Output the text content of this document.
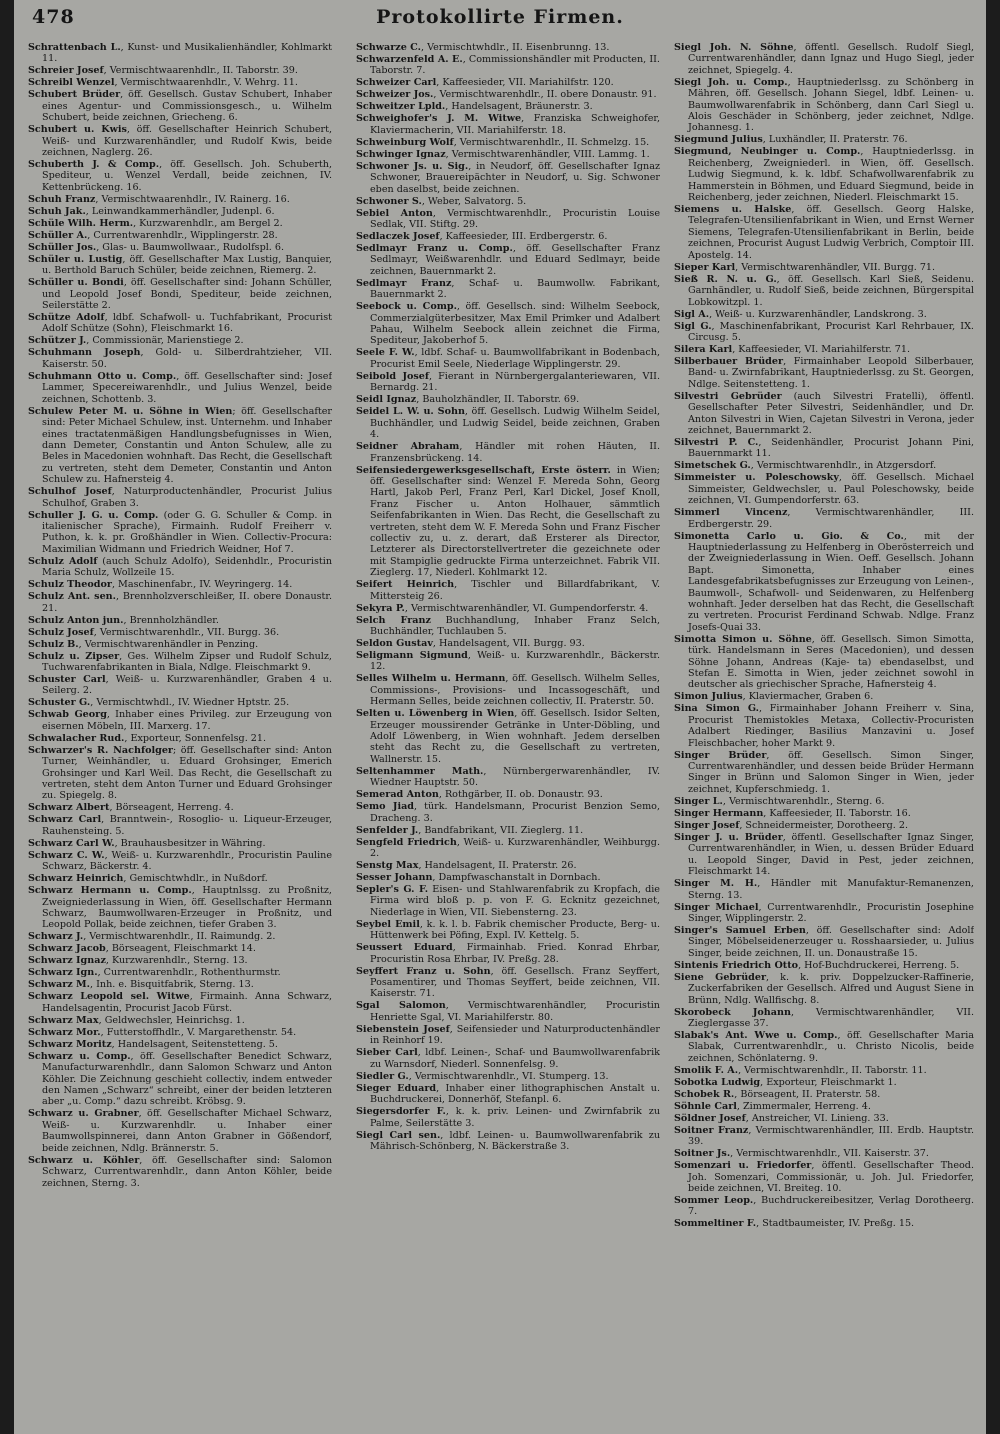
478	Protokollirte Firmen.

Schrattenbach L., Kunst- und Musikalienhändler, Kohlmarkt 11.

Schreier Josef, Vermischtwaarenhdlr., II. Taborstr. 39.

Schreibl Wenzel, Vermischtwaarenhdlr., V. Wehrg. 11.

Schubert Brüder, öff. Gesellsch. Gustav Schubert, Inhaber eines Agentur- und Commissionsgesch., u. Wilhelm Schubert, beide zeichnen, Griecheng. 6.

Schubert u. Kwis, öff. Gesellschafter Heinrich Schubert, Weiß- und Kurzwarenhändler, und Rudolf Kwis, beide zeichnen, Naglerg. 26.

Schuberth J. & Comp., öff. Gesellsch. Joh. Schuberth, Spediteur, u. Wenzel Verdall, beide zeichnen, IV. Kettenbrückeng. 16.

Schuh Franz, Vermischtwaarenhdlr., IV. Rainerg. 16.

Schuh Jak., Leinwandkammerhändler, Judenpl. 6.

Schüle Wilh. Herm., Kurzwarenhdlr., am Bergel 2.

Schüller A., Currentwarenhdlr., Wipplingerstr. 28.

Schüller Jos., Glas- u. Baumwollwaar., Rudolfspl. 6.

Schüler u. Lustig, öff. Gesellschafter Max Lustig, Banquier, u. Berthold Baruch Schüler, beide zeichnen, Riemerg. 2.

Schüller u. Bondi, öff. Gesellschafter sind: Johann Schüller, und Leopold Josef Bondi, Spediteur, beide zeichnen, Seilerstätte 2.

Schütze Adolf, ldbf. Schafwoll- u. Tuchfabrikant, Procurist Adolf Schütze (Sohn), Fleischmarkt 16.

Schützer J., Commissionär, Marienstiege 2.

Schuhmann Joseph, Gold- u. Silberdrahtzieher, VII. Kaiserstr. 50.

Schuhmann Otto u. Comp., öff. Gesellschafter sind: Josef Lammer, Specereiwarenhdlr., und Julius Wenzel, beide zeichnen, Schottenb. 3.

Schulew Peter M. u. Söhne in Wien; öff. Gesellschafter sind: Peter Michael Schulew, inst. Unternehm. und Inhaber eines tractatenmäßigen Handlungsbefugnisses in Wien, dann Demeter, Constantin und Anton Schulew, alle zu Beles in Macedonien wohnhaft. Das Recht, die Gesellschaft zu vertreten, steht dem Demeter, Constantin und Anton Schulew zu. Hafnersteig 4.

Schulhof Josef, Naturproductenhändler, Procurist Julius Schulhof, Graben 3.

Schuller J. G. u. Comp. (oder G. G. Schuller & Comp. in italienischer Sprache), Firmainh. Rudolf Freiherr v. Puthon, k. k. pr. Großhändler in Wien. Collectiv-Procura: Maximilian Widmann und Friedrich Weidner, Hof 7.

Schulz Adolf (auch Schulz Adolfo), Seidenhdlr., Procuristin Maria Schulz, Wollzeile 15.

Schulz Theodor, Maschinenfabr., IV. Weyringerg. 14.

Schulz Ant. sen., Brennholzverschleißer, II. obere Donaustr. 21.

Schulz Anton jun., Brennholzhändler.

Schulz Josef, Vermischtwarenhdlr., VII. Burgg. 36.

Schulz B., Vermischtwarenhändler in Penzing.

Schulz u. Zipser, Ges. Wilhelm Zipser und Rudolf Schulz, Tuchwarenfabrikanten in Biala, Ndlge. Fleischmarkt 9.

Schuster Carl, Weiß- u. Kurzwarenhändler, Graben 4 u. Seilerg. 2.

Schuster G., Vermischtwhdl., IV. Wiedner Hptstr. 25.

Schwab Georg, Inhaber eines Privileg. zur Erzeugung von eisernen Möbeln, III. Marxerg. 17.

Schwalacher Rud., Exporteur, Sonnenfelsg. 21.

Schwarzer's R. Nachfolger; öff. Gesellschafter sind: Anton Turner, Weinhändler, u. Eduard Grohsinger, Emerich Grohsinger und Karl Weil. Das Recht, die Gesellschaft zu vertreten, steht dem Anton Turner und Eduard Grohsinger zu. Spiegelg. 8.

Schwarz Albert, Börseagent, Herreng. 4.

Schwarz Carl, Branntwein-, Rosoglio- u. Liqueur-Erzeuger, Rauhensteing. 5.

Schwarz Carl W., Brauhausbesitzer in Währing.

Schwarz C. W., Weiß- u. Kurzwarenhdlr., Procuristin Pauline Schwarz, Bäckerstr. 4.

Schwarz Heinrich, Gemischtwhdlr., in Nußdorf.

Schwarz Hermann u. Comp., Hauptnlssg. zu Proßnitz, Zweigniederlassung in Wien, öff. Gesellschafter Hermann Schwarz, Baumwollwaren-Erzeuger in Proßnitz, und Leopold Pollak, beide zeichnen, tiefer Graben 3.

Schwarz J., Vermischtwarenhdlr., II. Raimundg. 2.

Schwarz Jacob, Börseagent, Fleischmarkt 14.

Schwarz Ignaz, Kurzwarenhdlr., Sterng. 13.

Schwarz Ign., Currentwarenhdlr., Rothenthurmstr.

Schwarz M., Inh. e. Bisquitfabrik, Sterng. 13.

Schwarz Leopold sel. Witwe, Firmainh. Anna Schwarz, Handelsagentin, Procurist Jacob Fürst.

Schwarz Max, Geldwechsler, Heinrichsg. 1.

Schwarz Mor., Futterstoffhdlr., V. Margarethenstr. 54.

Schwarz Moritz, Handelsagent, Seitenstetteng. 5.

Schwarz u. Comp., öff. Gesellschafter Benedict Schwarz, Manufacturwarenhdlr., dann Salomon Schwarz und Anton Köhler. Die Zeichnung geschieht collectiv, indem entweder den Namen „Schwarz“ schreibt, einer der beiden letzteren aber „u. Comp.“ dazu schreibt. Kröbsg. 9.

Schwarz u. Grabner, öff. Gesellschafter Michael Schwarz, Weiß- u. Kurzwarenhdlr. u. Inhaber einer Baumwollspinnerei, dann Anton Grabner in Gößendorf, beide zeichnen, Ndlg. Brännerstr. 5.

Schwarz u. Köhler, öff. Gesellschafter sind: Salomon Schwarz, Currentwarenhdlr., dann Anton Köhler, beide zeichnen, Sterng. 3.

Schwarze C., Vermischtwhdlr., II. Eisenbrunng. 13.

Schwarzenfeld A. E., Commissionshändler mit Producten, II. Taborstr. 7.

Schweizer Carl, Kaffeesieder, VII. Mariahilfstr. 120.

Schweizer Jos., Vermischtwarenhdlr., II. obere Donaustr. 91.

Schweitzer Lpld., Handelsagent, Bräunerstr. 3.

Schweighofer's J. M. Witwe, Franziska Schweighofer, Klaviermacherin, VII. Mariahilferstr. 18.

Schweinburg Wolf, Vermischtwarenhdlr., II. Schmelzg. 15.

Schwinger Ignaz, Vermischtwarenhändler, VIII. Lammg. 1.

Schwoner Js. u. Sig., in Neudorf, öff. Gesellschafter Ignaz Schwoner, Brauereipächter in Neudorf, u. Sig. Schwoner eben daselbst, beide zeichnen.

Schwoner S., Weber, Salvatorg. 5.

Sebiel Anton, Vermischtwarenhdlr., Procuristin Louise Sedlak, VII. Stiftg. 29.

Sedlaczek Josef, Kaffeesieder, III. Erdbergerstr. 6.

Sedlmayr Franz u. Comp., öff. Gesellschafter Franz Sedlmayr, Weißwarenhdlr. und Eduard Sedlmayr, beide zeichnen, Bauernmarkt 2.

Sedlmayr Franz, Schaf- u. Baumwollw. Fabrikant, Bauernmarkt 2.

Seebock u. Comp., öff. Gesellsch. sind: Wilhelm Seebock, Commerzialgüterbesitzer, Max Emil Primker und Adalbert Pahau, Wilhelm Seebock allein zeichnet die Firma, Spediteur, Jakoberhof 5.

Seele F. W., ldbf. Schaf- u. Baumwollfabrikant in Bodenbach, Procurist Emil Seele, Niederlage Wipplingerstr. 29.

Seibold Josef, Fierant in Nürnbergergalanteriewaren, VII. Bernardg. 21.

Seidl Ignaz, Bauholzhändler, II. Taborstr. 69.

Seidel L. W. u. Sohn, öff. Gesellsch. Ludwig Wilhelm Seidel, Buchhändler, und Ludwig Seidel, beide zeichnen, Graben 4.

Seidner Abraham, Händler mit rohen Häuten, II. Franzensbrückeng. 14.

Seifensiedergewerksgesellschaft, Erste österr. in Wien; öff. Gesellschafter sind: Wenzel F. Mereda Sohn, Georg Hartl, Jakob Perl, Franz Perl, Karl Dickel, Josef Knoll, Franz Fischer u. Anton Holhauer, sämmtlich Seifenfabrikanten in Wien. Das Recht, die Gesellschaft zu vertreten, steht dem W. F. Mereda Sohn und Franz Fischer collectiv zu, u. z. derart, daß Ersterer als Director, Letzterer als Directorstellvertreter die gezeichnete oder mit Stampiglie gedruckte Firma unterzeichnet. Fabrik VII. Zieglerg. 17, Niederl. Kohlmarkt 12.

Seifert Heinrich, Tischler und Billardfabrikant, V. Mittersteig 26.

Sekyra P., Vermischtwarenhändler, VI. Gumpendorferstr. 4.

Selch Franz Buchhandlung, Inhaber Franz Selch, Buchhändler, Tuchlauben 5.

Seldon Gustav, Handelsagent, VII. Burgg. 93.

Seligmann Sigmund, Weiß- u. Kurzwarenhdlr., Bäckerstr. 12.

Selles Wilhelm u. Hermann, öff. Gesellsch. Wilhelm Selles, Commissions-, Provisions- und Incassogeschäft, und Hermann Selles, beide zeichnen collectiv, II. Praterstr. 50.

Selten u. Löwenberg in Wien, öff. Gesellsch. Isidor Selten, Erzeuger moussirender Getränke in Unter-Döbling, und Adolf Löwenberg, in Wien wohnhaft. Jedem derselben steht das Recht zu, die Gesellschaft zu vertreten, Wallnerstr. 15.

Seltenhammer Math., Nürnbergerwarenhändler, IV. Wiedner Hauptstr. 50.

Semerad Anton, Rothgärber, II. ob. Donaustr. 93.

Semo Jiad, türk. Handelsmann, Procurist Benzion Semo, Dracheng. 3.

Senfelder J., Bandfabrikant, VII. Zieglerg. 11.

Sengfeld Friedrich, Weiß- u. Kurzwarenhändler, Weihburgg. 2.

Senstg Max, Handelsagent, II. Praterstr. 26.

Sesser Johann, Dampfwaschanstalt in Dornbach.

Sepler's G. F. Eisen- und Stahlwarenfabrik zu Kropfach, die Firma wird bloß p. p. von F. G. Ecknitz gezeichnet, Niederlage in Wien, VII. Siebensterng. 23.

Seybel Emil, k. k. l. b. Fabrik chemischer Producte, Berg- u. Hüttenwerk bei Pöfing, Expl. IV. Kettelg. 5.

Seussert Eduard, Firmainhab. Fried. Konrad Ehrbar, Procuristin Rosa Ehrbar, IV. Preßg. 28.

Seyffert Franz u. Sohn, öff. Gesellsch. Franz Seyffert, Posamentirer, und Thomas Seyffert, beide zeichnen, VII. Kaiserstr. 71.

Sgal Salomon, Vermischtwarenhändler, Procuristin Henriette Sgal, VI. Mariahilferstr. 80.

Siebenstein Josef, Seifensieder und Naturproductenhändler in Reinhorf 19.

Sieber Carl, ldbf. Leinen-, Schaf- und Baumwollwarenfabrik zu Warnsdorf, Niederl. Sonnenfelsg. 9.

Siedler G., Vermischtwarenhdlr., VI. Stumperg. 13.

Sieger Eduard, Inhaber einer lithographischen Anstalt u. Buchdruckerei, Donnerhöf, Stefanpl. 6.

Siegersdorfer F., k. k. priv. Leinen- und Zwirnfabrik zu Palme, Seilerstätte 3.

Siegl Carl sen., ldbf. Leinen- u. Baumwollwarenfabrik zu Mährisch-Schönberg, N. Bäckerstraße 3.

Siegl Joh. N. Söhne, öffentl. Gesellsch. Rudolf Siegl, Currentwarenhändler, dann Ignaz und Hugo Siegl, jeder zeichnet, Spiegelg. 4.

Siegl Joh. u. Comp., Hauptniederlssg. zu Schönberg in Mähren, öff. Gesellsch. Johann Siegel, ldbf. Leinen- u. Baumwollwarenfabrik in Schönberg, dann Carl Siegl u. Alois Geschäder in Schönberg, jeder zeichnet, Ndlge. Johannesg. 1.

Siegmund Julius, Luxhändler, II. Praterstr. 76.

Siegmund, Neubinger u. Comp., Hauptniederlssg. in Reichenberg, Zweigniederl. in Wien, öff. Gesellsch. Ludwig Siegmund, k. k. ldbf. Schafwollwarenfabrik zu Hammerstein in Böhmen, und Eduard Siegmund, beide in Reichenberg, jeder zeichnen, Niederl. Fleischmarkt 15.

Siemens u. Halske, öff. Gesellsch. Georg Halske, Telegrafen-Utensilienfabrikant in Wien, und Ernst Werner Siemens, Telegrafen-Utensilienfabrikant in Berlin, beide zeichnen, Procurist August Ludwig Verbrich, Comptoir III. Apostelg. 14.

Sieper Karl, Vermischtwarenhändler, VII. Burgg. 71.

Sieß R. N. u. G., öff. Gesellsch. Karl Sieß, Seidenu. Garnhändler, u. Rudolf Sieß, beide zeichnen, Bürgerspital Lobkowitzpl. 1.

Sigl A., Weiß- u. Kurzwarenhändler, Landskrong. 3.

Sigl G., Maschinenfabrikant, Procurist Karl Rehrbauer, IX. Circusg. 5.

Silera Karl, Kaffeesieder, VI. Mariahilferstr. 71.

Silberbauer Brüder, Firmainhaber Leopold Silberbauer, Band- u. Zwirnfabrikant, Hauptniederlssg. zu St. Georgen, Ndlge. Seitenstetteng. 1.

Silvestri Gebrüder (auch Silvestri Fratelli), öffentl. Gesellschafter Peter Silvestri, Seidenhändler, und Dr. Anton Silvestri in Wien, Cajetan Silvestri in Verona, jeder zeichnet, Bauernmarkt 2.

Silvestri P. C., Seidenhändler, Procurist Johann Pini, Bauernmarkt 11.

Simetschek G., Vermischtwarenhdlr., in Atzgersdorf.

Simmeister u. Poleschowsky, öff. Gesellsch. Michael Simmeister, Geldwechsler, u. Paul Poleschowsky, beide zeichnen, VI. Gumpendorferstr. 63.

Simmerl Vincenz, Vermischtwarenhändler, III. Erdbergerstr. 29.

Simonetta Carlo u. Gio. & Co., mit der Hauptniederlassung zu Helfenberg in Oberösterreich und der Zweigniederlassung in Wien. Oeff. Gesellsch. Johann Bapt. Simonetta, Inhaber eines Landesgefabrikatsbefugnisses zur Erzeugung von Leinen-, Baumwoll-, Schafwoll- und Seidenwaren, zu Helfenberg wohnhaft. Jeder derselben hat das Recht, die Gesellschaft zu vertreten. Procurist Ferdinand Schwab. Ndlge. Franz Josefs-Quai 33.

Simotta Simon u. Söhne, öff. Gesellsch. Simon Simotta, türk. Handelsmann in Seres (Macedonien), und dessen Söhne Johann, Andreas (Kaje- ta) ebendaselbst, und Stefan E. Simotta in Wien, jeder zeichnet sowohl in deutscher als griechischer Sprache, Hafnersteig 4.

Simon Julius, Klaviermacher, Graben 6.

Sina Simon G., Firmainhaber Johann Freiherr v. Sina, Procurist Themistokles Metaxa, Collectiv-Procuristen Adalbert Riedinger, Basilius Manzavini u. Josef Fleischbacher, hoher Markt 9.

Singer Brüder, öff. Gesellsch. Simon Singer, Currentwarenhändler, und dessen beide Brüder Hermann Singer in Brünn und Salomon Singer in Wien, jeder zeichnet, Kupferschmiedg. 1.

Singer L., Vermischtwarenhdlr., Sterng. 6.

Singer Hermann, Kaffeesieder, II. Taborstr. 16.

Singer Josef, Schneidermeister, Dorotheerg. 2.

Singer J. u. Brüder, öffentl. Gesellschafter Ignaz Singer, Currentwarenhändler, in Wien, u. dessen Brüder Eduard u. Leopold Singer, David in Pest, jeder zeichnen, Fleischmarkt 14.

Singer M. H., Händler mit Manufaktur-Remanenzen, Sterng. 13.

Singer Michael, Currentwarenhdlr., Procuristin Josephine Singer, Wipplingerstr. 2.

Singer's Samuel Erben, öff. Gesellschafter sind: Adolf Singer, Möbelseidenerzeuger u. Rosshaarsieder, u. Julius Singer, beide zeichnen, II. un. Donaustraße 15.

Sintenis Friedrich Otto, Hof-Buchdruckerei, Herreng. 5.

Siene Gebrüder, k. k. priv. Doppelzucker-Raffinerie, Zuckerfabriken der Gesellsch. Alfred und August Siene in Brünn, Ndlg. Wallfischg. 8.

Skorobeck Johann, Vermischtwarenhändler, VII. Zieglergasse 37.

Slabak's Ant. Wwe u. Comp., öff. Gesellschafter Maria Slabak, Currentwarenhdlr., u. Christo Nicolis, beide zeichnen, Schönlaterng. 9.

Smolik F. A., Vermischtwarenhdlr., II. Taborstr. 11.

Sobotka Ludwig, Exporteur, Fleischmarkt 1.

Schobek R., Börseagent, II. Praterstr. 58.

Söhnle Carl, Zimmermaler, Herreng. 4.

Söldner Josef, Anstreicher, VI. Linieng. 33.

Soitner Franz, Vermischtwarenhändler, III. Erdb. Hauptstr. 39.

Soitner Js., Vermischtwarenhdlr., VII. Kaiserstr. 37.

Somenzari u. Friedorfer, öffentl. Gesellschafter Theod. Joh. Somenzari, Commissionär, u. Joh. Jul. Friedorfer, beide zeichnen, VI. Breiteg. 10.

Sommer Leop., Buchdruckereibesitzer, Verlag Dorotheerg. 7.

Sommeltiner F., Stadtbaumeister, IV. Preßg. 15.
